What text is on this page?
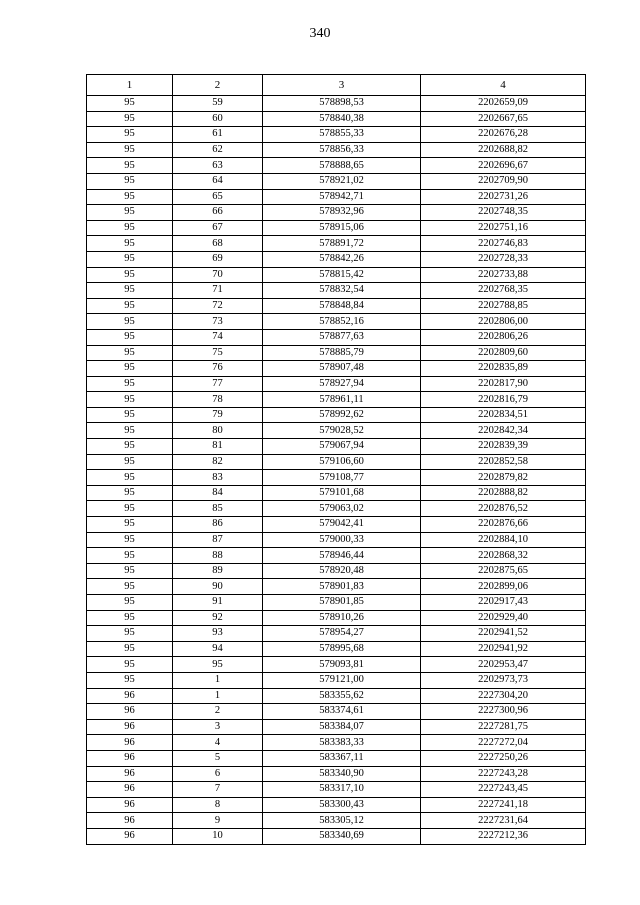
340
1	2	3	4
95	59	578898,53	2202659,09
95	60	578840,38	2202667,65
95	61	578855,33	2202676,28
95	62	578856,33	2202688,82
95	63	578888,65	2202696,67
95	64	578921,02	2202709,90
95	65	578942,71	2202731,26
95	66	578932,96	2202748,35
95	67	578915,06	2202751,16
95	68	578891,72	2202746,83
95	69	578842,26	2202728,33
95	70	578815,42	2202733,88
95	71	578832,54	2202768,35
95	72	578848,84	2202788,85
95	73	578852,16	2202806,00
95	74	578877,63	2202806,26
95	75	578885,79	2202809,60
95	76	578907,48	2202835,89
95	77	578927,94	2202817,90
95	78	578961,11	2202816,79
95	79	578992,62	2202834,51
95	80	579028,52	2202842,34
95	81	579067,94	2202839,39
95	82	579106,60	2202852,58
95	83	579108,77	2202879,82
95	84	579101,68	2202888,82
95	85	579063,02	2202876,52
95	86	579042,41	2202876,66
95	87	579000,33	2202884,10
95	88	578946,44	2202868,32
95	89	578920,48	2202875,65
95	90	578901,83	2202899,06
95	91	578901,85	2202917,43
95	92	578910,26	2202929,40
95	93	578954,27	2202941,52
95	94	578995,68	2202941,92
95	95	579093,81	2202953,47
95	1	579121,00	2202973,73
96	1	583355,62	2227304,20
96	2	583374,61	2227300,96
96	3	583384,07	2227281,75
96	4	583383,33	2227272,04
96	5	583367,11	2227250,26
96	6	583340,90	2227243,28
96	7	583317,10	2227243,45
96	8	583300,43	2227241,18
96	9	583305,12	2227231,64
96	10	583340,69	2227212,36
